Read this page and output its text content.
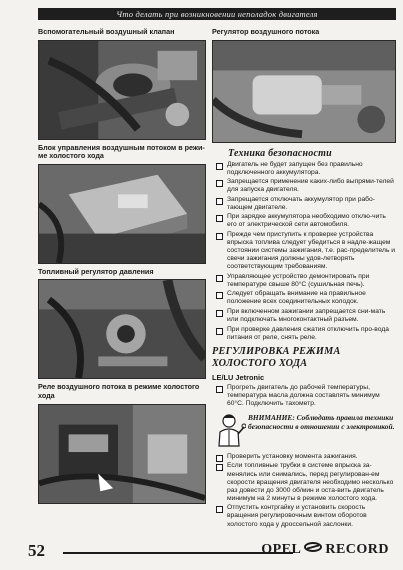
Что делать при возникновении неполадок двигателя
Вспомогательный воздушный клапан
Блок управления воздушным потоком в режи-ме холостого хода
Топливный регулятор давления
Реле воздушного потока в режиме холостого хода
Регулятор воздушного потока
Техника безопасности
Двигатель не будет запущен без правильно подключенного аккумулятора.
Запрещается применение каких-либо выпрями-телей для запуска двигателя.
Запрещается отключать аккумулятор при рабо-тающем двигателе.
При зарядке аккумулятора необходимо отклю-чить его от электрической сети автомобиля.
Прежде чем приступить к проверке устройства впрыска топлива следует убедиться в надле-жащем состоянии системы зажигания, т.е. рас-пределитель и свечи зажигания должны удов-летворять соответствующим требованиям.
Управляющее устройство демонтировать при температуре свыше 80°С (сушильная печь).
Следует обращать внимание на правильное положение всех соединительных колодок.
При включенном зажигании запрещается сни-мать или подключать многоконтактный разъем.
При проверке давления сжатия отключить про-вода питания от реле, снять реле.
РЕГУЛИРОВКА РЕЖИМА ХОЛОСТОГО ХОДА
LE/LU Jetronic
Прогреть двигатель до рабочей температуры, температура масла должна составлять минимум 60°С. Подключить тахометр.
ВНИМАНИЕ: Соблюдать правила техники безопасности в отношении с электроникой.
Проверить установку момента зажигания.
Если топливные трубки в системе впрыска за-менялись или снимались, перед регулирован-ем скорости вращения двигателя необходимо несколько раз довести до 3000 об/мин и оста-вить двигатель минимум на 2 минуты в режиме холостого хода.
Отпустить контргайку и установить скорость вращения регулировочным винтом оборотов холостого хода у дроссельной заслонки.
52	OPEL RECORD
